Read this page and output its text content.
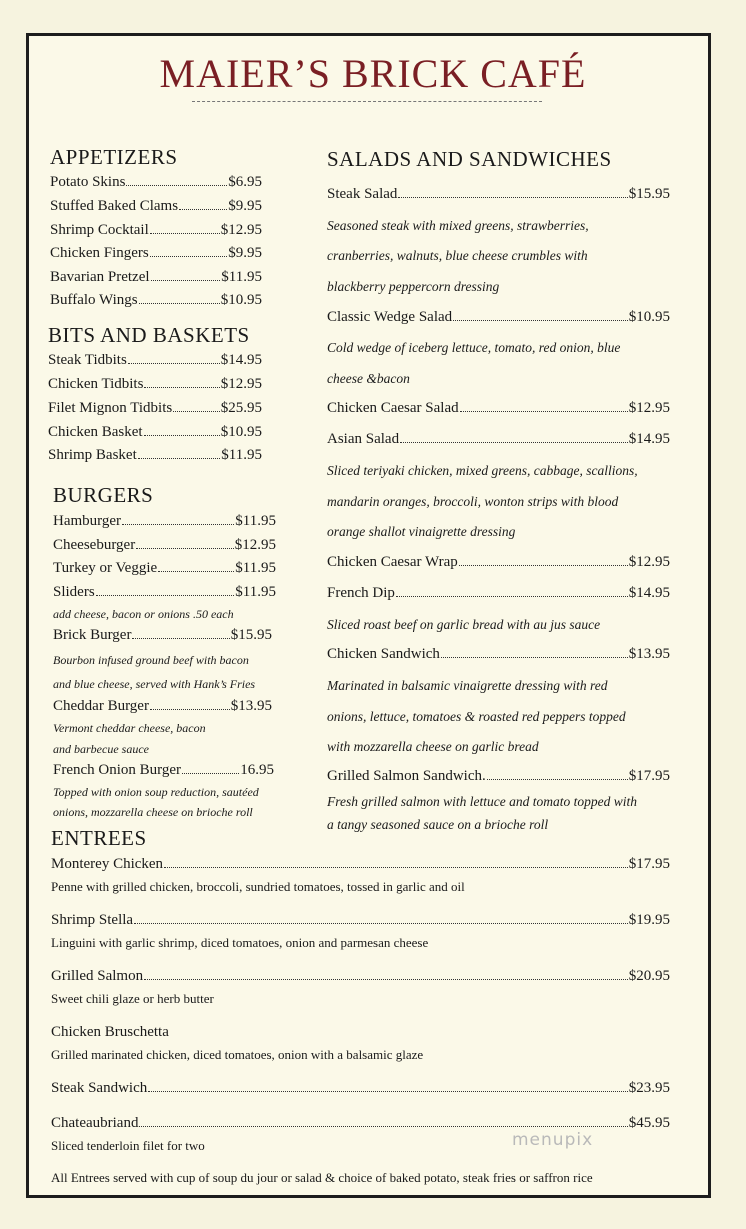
MAIER’S BRICK CAFÉ
APPETIZERS
Potato Skins	$6.95
Stuffed Baked Clams	$9.95
Shrimp Cocktail	$12.95
Chicken Fingers	$9.95
Bavarian Pretzel	$11.95
Buffalo Wings	$10.95
BITS AND BASKETS
Steak Tidbits	$14.95
Chicken Tidbits	$12.95
Filet Mignon Tidbits	$25.95
Chicken Basket	$10.95
Shrimp Basket	$11.95
BURGERS
Hamburger	$11.95
Cheeseburger	$12.95
Turkey or Veggie	$11.95
Sliders	$11.95
add cheese, bacon or onions .50 each
Brick Burger	$15.95
Bourbon infused ground beef with bacon
and blue cheese, served with Hank’s Fries
Cheddar Burger	$13.95
Vermont cheddar cheese, bacon
and barbecue sauce
French Onion Burger	16.95
Topped with onion soup reduction, sautéed
onions, mozzarella cheese on brioche roll
SALADS AND SANDWICHES
Steak Salad	$15.95
Seasoned steak with mixed greens, strawberries,
cranberries, walnuts, blue cheese crumbles with
blackberry peppercorn dressing
Classic Wedge Salad	$10.95
Cold wedge of iceberg lettuce, tomato, red onion, blue
cheese &bacon
Chicken Caesar Salad	$12.95
Asian Salad	$14.95
Sliced teriyaki chicken, mixed greens, cabbage, scallions,
mandarin oranges, broccoli, wonton strips with blood
orange shallot vinaigrette dressing
Chicken Caesar Wrap	$12.95
French Dip	$14.95
Sliced roast beef on garlic bread with au jus sauce
Chicken Sandwich	$13.95
Marinated in balsamic vinaigrette dressing with red
onions, lettuce, tomatoes & roasted red peppers topped
with mozzarella cheese on garlic bread
Grilled Salmon Sandwich.	$17.95
Fresh grilled salmon with lettuce and tomato topped with
a tangy seasoned sauce on a brioche roll
ENTREES
Monterey Chicken	$17.95
Penne with grilled chicken, broccoli, sundried tomatoes, tossed in garlic and oil
Shrimp Stella	$19.95
Linguini with garlic shrimp, diced tomatoes, onion and parmesan cheese
Grilled Salmon	$20.95
Sweet chili glaze or herb butter
Chicken Bruschetta
Grilled marinated chicken, diced tomatoes, onion with a balsamic glaze
Steak Sandwich	$23.95
Chateaubriand	$45.95
Sliced tenderloin filet for two	menupix
All Entrees served with cup of soup du jour or salad & choice of baked potato, steak fries or saffron rice
